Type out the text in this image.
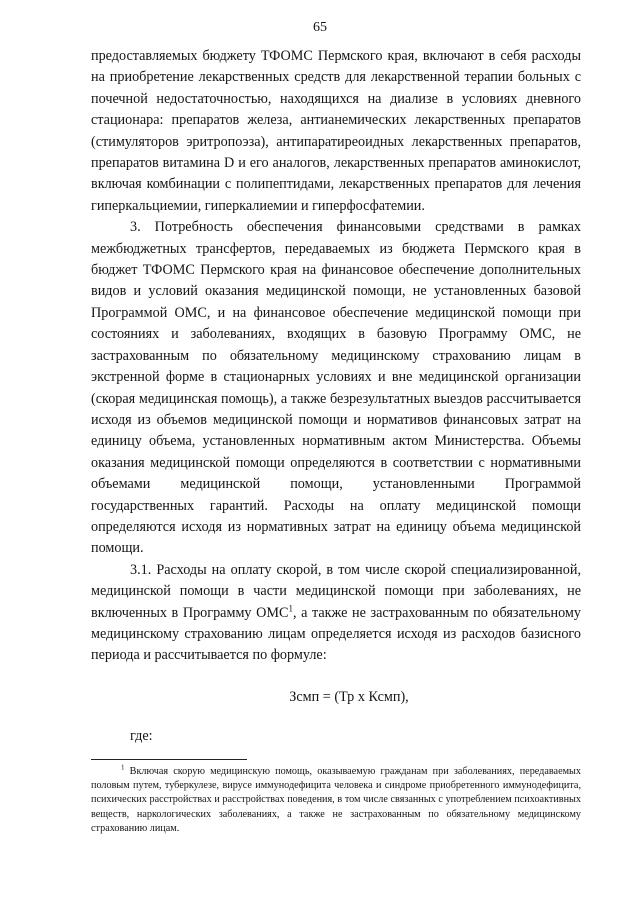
65

предоставляемых бюджету ТФОМС Пермского края, включают в себя расходы на приобретение лекарственных средств для лекарственной терапии больных с почечной недостаточностью, находящихся на диализе в условиях дневного стационара: препаратов железа, антианемических лекарственных препаратов (стимуляторов эритропоэза), антипаратиреоидных лекарственных препаратов, препаратов витамина D и его аналогов, лекарственных препаратов аминокислот, включая комбинации с полипептидами, лекарственных препаратов для лечения гиперкальциемии, гиперкалиемии и гиперфосфатемии.

3. Потребность обеспечения финансовыми средствами в рамках межбюджетных трансфертов, передаваемых из бюджета Пермского края в бюджет ТФОМС Пермского края на финансовое обеспечение дополнительных видов и условий оказания медицинской помощи, не установленных базовой Программой ОМС, и на финансовое обеспечение медицинской помощи при состояниях и заболеваниях, входящих в базовую Программу ОМС, не застрахованным по обязательному медицинскому страхованию лицам в экстренной форме в стационарных условиях и вне медицинской организации (скорая медицинская помощь), а также безрезультатных выездов рассчитывается исходя из объемов медицинской помощи и нормативов финансовых затрат на единицу объема, установленных нормативным актом Министерства. Объемы оказания медицинской помощи определяются в соответствии с нормативными объемами медицинской помощи, установленными Программой государственных гарантий. Расходы на оплату медицинской помощи определяются исходя из нормативных затрат на единицу объема медицинской помощи.

3.1. Расходы на оплату скорой, в том числе скорой специализированной, медицинской помощи в части медицинской помощи при заболеваниях, не включенных в Программу ОМС$^1$, а также не застрахованным по обязательному медицинскому страхованию лицам определяется исходя из расходов базисного периода и рассчитывается по формуле:

Зсмп = (Тр х Ксмп),

где:

$^1$ Включая скорую медицинскую помощь, оказываемую гражданам при заболеваниях, передаваемых половым путем, туберкулезе, вирусе иммунодефицита человека и синдроме приобретенного иммунодефицита, психических расстройствах и расстройствах поведения, в том числе связанных с употреблением психоактивных веществ, наркологических заболеваниях, а также не застрахованным по обязательному медицинскому страхованию лицам.
